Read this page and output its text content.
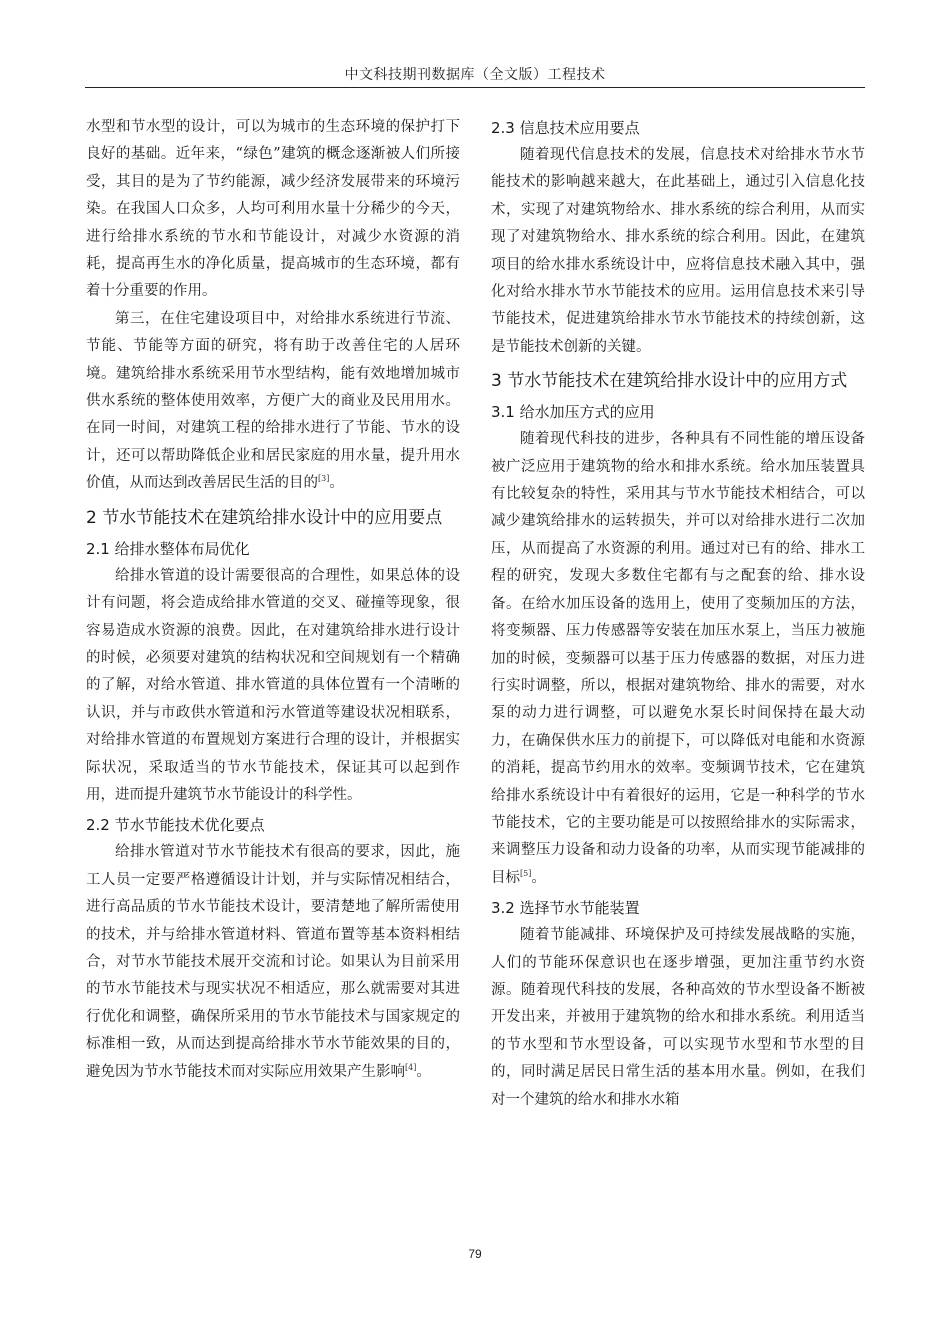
中文科技期刊数据库（全文版）工程技术

水型和节水型的设计，可以为城市的生态环境的保护打下良好的基础。近年来，“绿色”建筑的概念逐渐被人们所接受，其目的是为了节约能源，减少经济发展带来的环境污染。在我国人口众多，人均可利用水量十分稀少的今天，进行给排水系统的节水和节能设计，对减少水资源的消耗，提高再生水的净化质量，提高城市的生态环境，都有着十分重要的作用。

第三，在住宅建设项目中，对给排水系统进行节流、节能、节能等方面的研究，将有助于改善住宅的人居环境。建筑给排水系统采用节水型结构，能有效地增加城市供水系统的整体使用效率，方便广大的商业及民用用水。在同一时间，对建筑工程的给排水进行了节能、节水的设计，还可以帮助降低企业和居民家庭的用水量，提升用水价值，从而达到改善居民生活的目的[3]。

2 节水节能技术在建筑给排水设计中的应用要点
2.1 给排水整体布局优化

给排水管道的设计需要很高的合理性，如果总体的设计有问题，将会造成给排水管道的交叉、碰撞等现象，很容易造成水资源的浪费。因此，在对建筑给排水进行设计的时候，必须要对建筑的结构状况和空间规划有一个精确的了解，对给水管道、排水管道的具体位置有一个清晰的认识，并与市政供水管道和污水管道等建设状况相联系，对给排水管道的布置规划方案进行合理的设计，并根据实际状况，采取适当的节水节能技术，保证其可以起到作用，进而提升建筑节水节能设计的科学性。

2.2 节水节能技术优化要点

给排水管道对节水节能技术有很高的要求，因此，施工人员一定要严格遵循设计计划，并与实际情况相结合，进行高品质的节水节能技术设计，要清楚地了解所需使用的技术，并与给排水管道材料、管道布置等基本资料相结合，对节水节能技术展开交流和讨论。如果认为目前采用的节水节能技术与现实状况不相适应，那么就需要对其进行优化和调整，确保所采用的节水节能技术与国家规定的标准相一致，从而达到提高给排水节水节能效果的目的，避免因为节水节能技术而对实际应用效果产生影响[4]。

2.3 信息技术应用要点

随着现代信息技术的发展，信息技术对给排水节水节能技术的影响越来越大，在此基础上，通过引入信息化技术，实现了对建筑物给水、排水系统的综合利用，从而实现了对建筑物给水、排水系统的综合利用。因此，在建筑项目的给水排水系统设计中，应将信息技术融入其中，强化对给水排水节水节能技术的应用。运用信息技术来引导节能技术，促进建筑给排水节水节能技术的持续创新，这是节能技术创新的关键。

3 节水节能技术在建筑给排水设计中的应用方式
3.1 给水加压方式的应用

随着现代科技的进步，各种具有不同性能的增压设备被广泛应用于建筑物的给水和排水系统。给水加压装置具有比较复杂的特性，采用其与节水节能技术相结合，可以减少建筑给排水的运转损失，并可以对给排水进行二次加压，从而提高了水资源的利用。通过对已有的给、排水工程的研究，发现大多数住宅都有与之配套的给、排水设备。在给水加压设备的选用上，使用了变频加压的方法，将变频器、压力传感器等安装在加压水泵上，当压力被施加的时候，变频器可以基于压力传感器的数据，对压力进行实时调整，所以，根据对建筑物给、排水的需要，对水泵的动力进行调整，可以避免水泵长时间保持在最大动力，在确保供水压力的前提下，可以降低对电能和水资源的消耗，提高节约用水的效率。变频调节技术，它在建筑给排水系统设计中有着很好的运用，它是一种科学的节水节能技术，它的主要功能是可以按照给排水的实际需求，来调整压力设备和动力设备的功率，从而实现节能减排的目标[5]。

3.2 选择节水节能装置

随着节能减排、环境保护及可持续发展战略的实施，人们的节能环保意识也在逐步增强，更加注重节约水资源。随着现代科技的发展，各种高效的节水型设备不断被开发出来，并被用于建筑物的给水和排水系统。利用适当的节水型和节水型设备，可以实现节水型和节水型的目的，同时满足居民日常生活的基本用水量。例如，在我们对一个建筑的给水和排水水箱

79
